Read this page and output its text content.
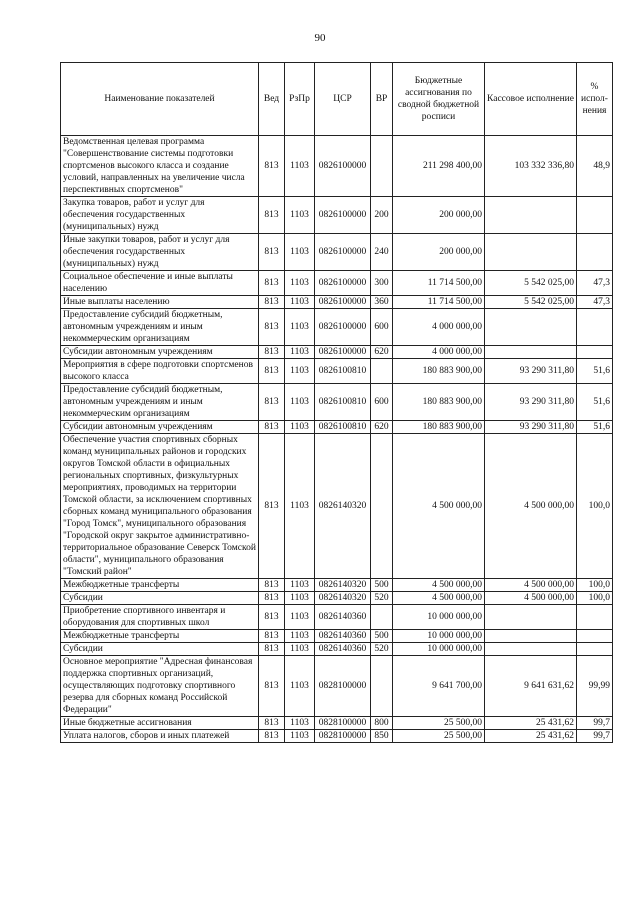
90
Наименование показателей	Вед	РзПр	ЦСР	ВР	Бюджетные ассигнования по сводной бюджетной росписи	Кассовое исполнение	% испол-нения
Ведомственная целевая программа "Совершенствование системы подготовки спортсменов высокого класса и создание условий, направленных на увеличение числа перспективных спортсменов"	813	1103	0826100000		211 298 400,00	103 332 336,80	48,9
Закупка товаров, работ и услуг для обеспечения государственных (муниципальных) нужд	813	1103	0826100000	200	200 000,00		
Иные закупки товаров, работ и услуг для обеспечения государственных (муниципальных) нужд	813	1103	0826100000	240	200 000,00		
Социальное обеспечение и иные выплаты населению	813	1103	0826100000	300	11 714 500,00	5 542 025,00	47,3
Иные выплаты населению	813	1103	0826100000	360	11 714 500,00	5 542 025,00	47,3
Предоставление субсидий бюджетным, автономным учреждениям и иным некоммерческим организациям	813	1103	0826100000	600	4 000 000,00		
Субсидии автономным учреждениям	813	1103	0826100000	620	4 000 000,00		
Мероприятия в сфере подготовки спортсменов высокого класса	813	1103	0826100810		180 883 900,00	93 290 311,80	51,6
Предоставление субсидий бюджетным, автономным учреждениям и иным некоммерческим организациям	813	1103	0826100810	600	180 883 900,00	93 290 311,80	51,6
Субсидии автономным учреждениям	813	1103	0826100810	620	180 883 900,00	93 290 311,80	51,6
Обеспечение участия спортивных сборных команд муниципальных районов и городских округов Томской области в официальных региональных спортивных, физкультурных мероприятиях, проводимых на территории Томской области, за исключением спортивных сборных команд муниципального образования "Город Томск", муниципального образования "Городской округ закрытое административно-территориальное образование Северск Томской области", муниципального образования "Томский район"	813	1103	0826140320		4 500 000,00	4 500 000,00	100,0
Межбюджетные трансферты	813	1103	0826140320	500	4 500 000,00	4 500 000,00	100,0
Субсидии	813	1103	0826140320	520	4 500 000,00	4 500 000,00	100,0
Приобретение спортивного инвентаря и оборудования для спортивных школ	813	1103	0826140360		10 000 000,00		
Межбюджетные трансферты	813	1103	0826140360	500	10 000 000,00		
Субсидии	813	1103	0826140360	520	10 000 000,00		
Основное мероприятие "Адресная финансовая поддержка спортивных организаций, осуществляющих подготовку спортивного резерва для сборных команд Российской Федерации"	813	1103	0828100000		9 641 700,00	9 641 631,62	99,99
Иные бюджетные ассигнования	813	1103	0828100000	800	25 500,00	25 431,62	99,7
Уплата налогов, сборов и иных платежей	813	1103	0828100000	850	25 500,00	25 431,62	99,7
